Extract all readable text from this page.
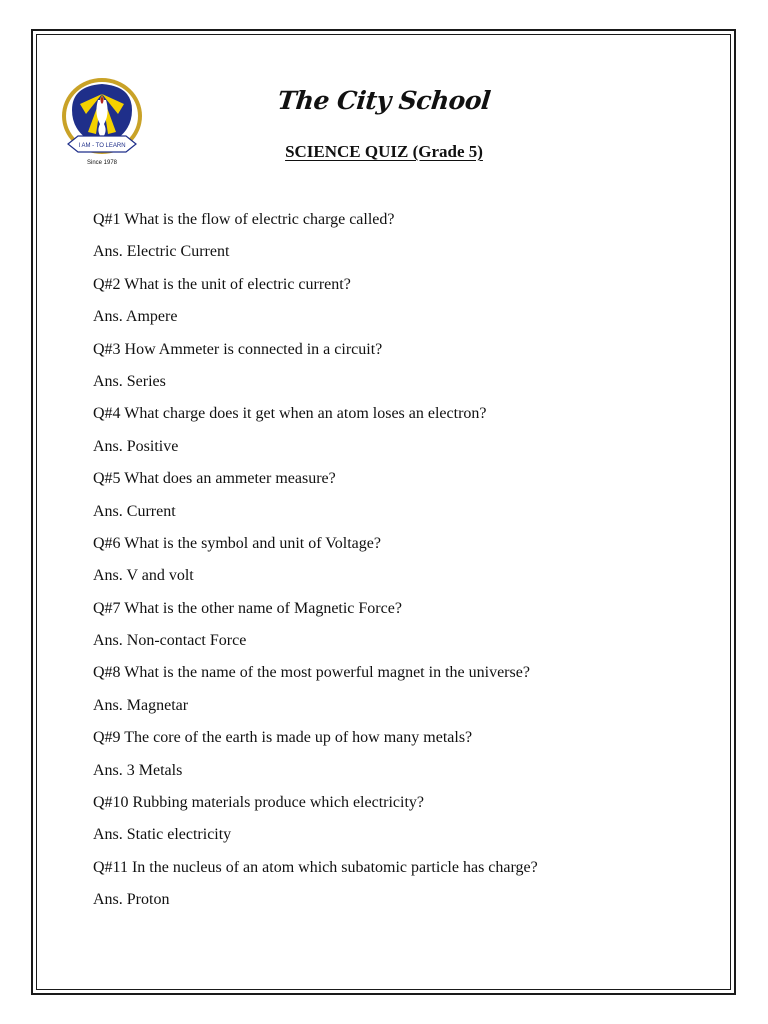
I AM - TO LEARN
Since 1978
The City School
SCIENCE QUIZ (Grade 5)
Q#1 What is the flow of electric charge called?
Ans. Electric Current
Q#2 What is the unit of electric current?
Ans. Ampere
Q#3 How Ammeter is connected in a circuit?
Ans. Series
Q#4 What charge does it get when an atom loses an electron?
Ans. Positive
Q#5 What does an ammeter measure?
Ans. Current
Q#6 What is the symbol and unit of Voltage?
Ans. V and volt
Q#7 What is the other name of Magnetic Force?
Ans. Non-contact Force
Q#8 What is the name of the most powerful magnet in the universe?
Ans. Magnetar
Q#9 The core of the earth is made up of how many metals?
Ans. 3 Metals
Q#10 Rubbing materials produce which electricity?
Ans. Static electricity
Q#11 In the nucleus of an atom which subatomic particle has charge?
Ans. Proton
